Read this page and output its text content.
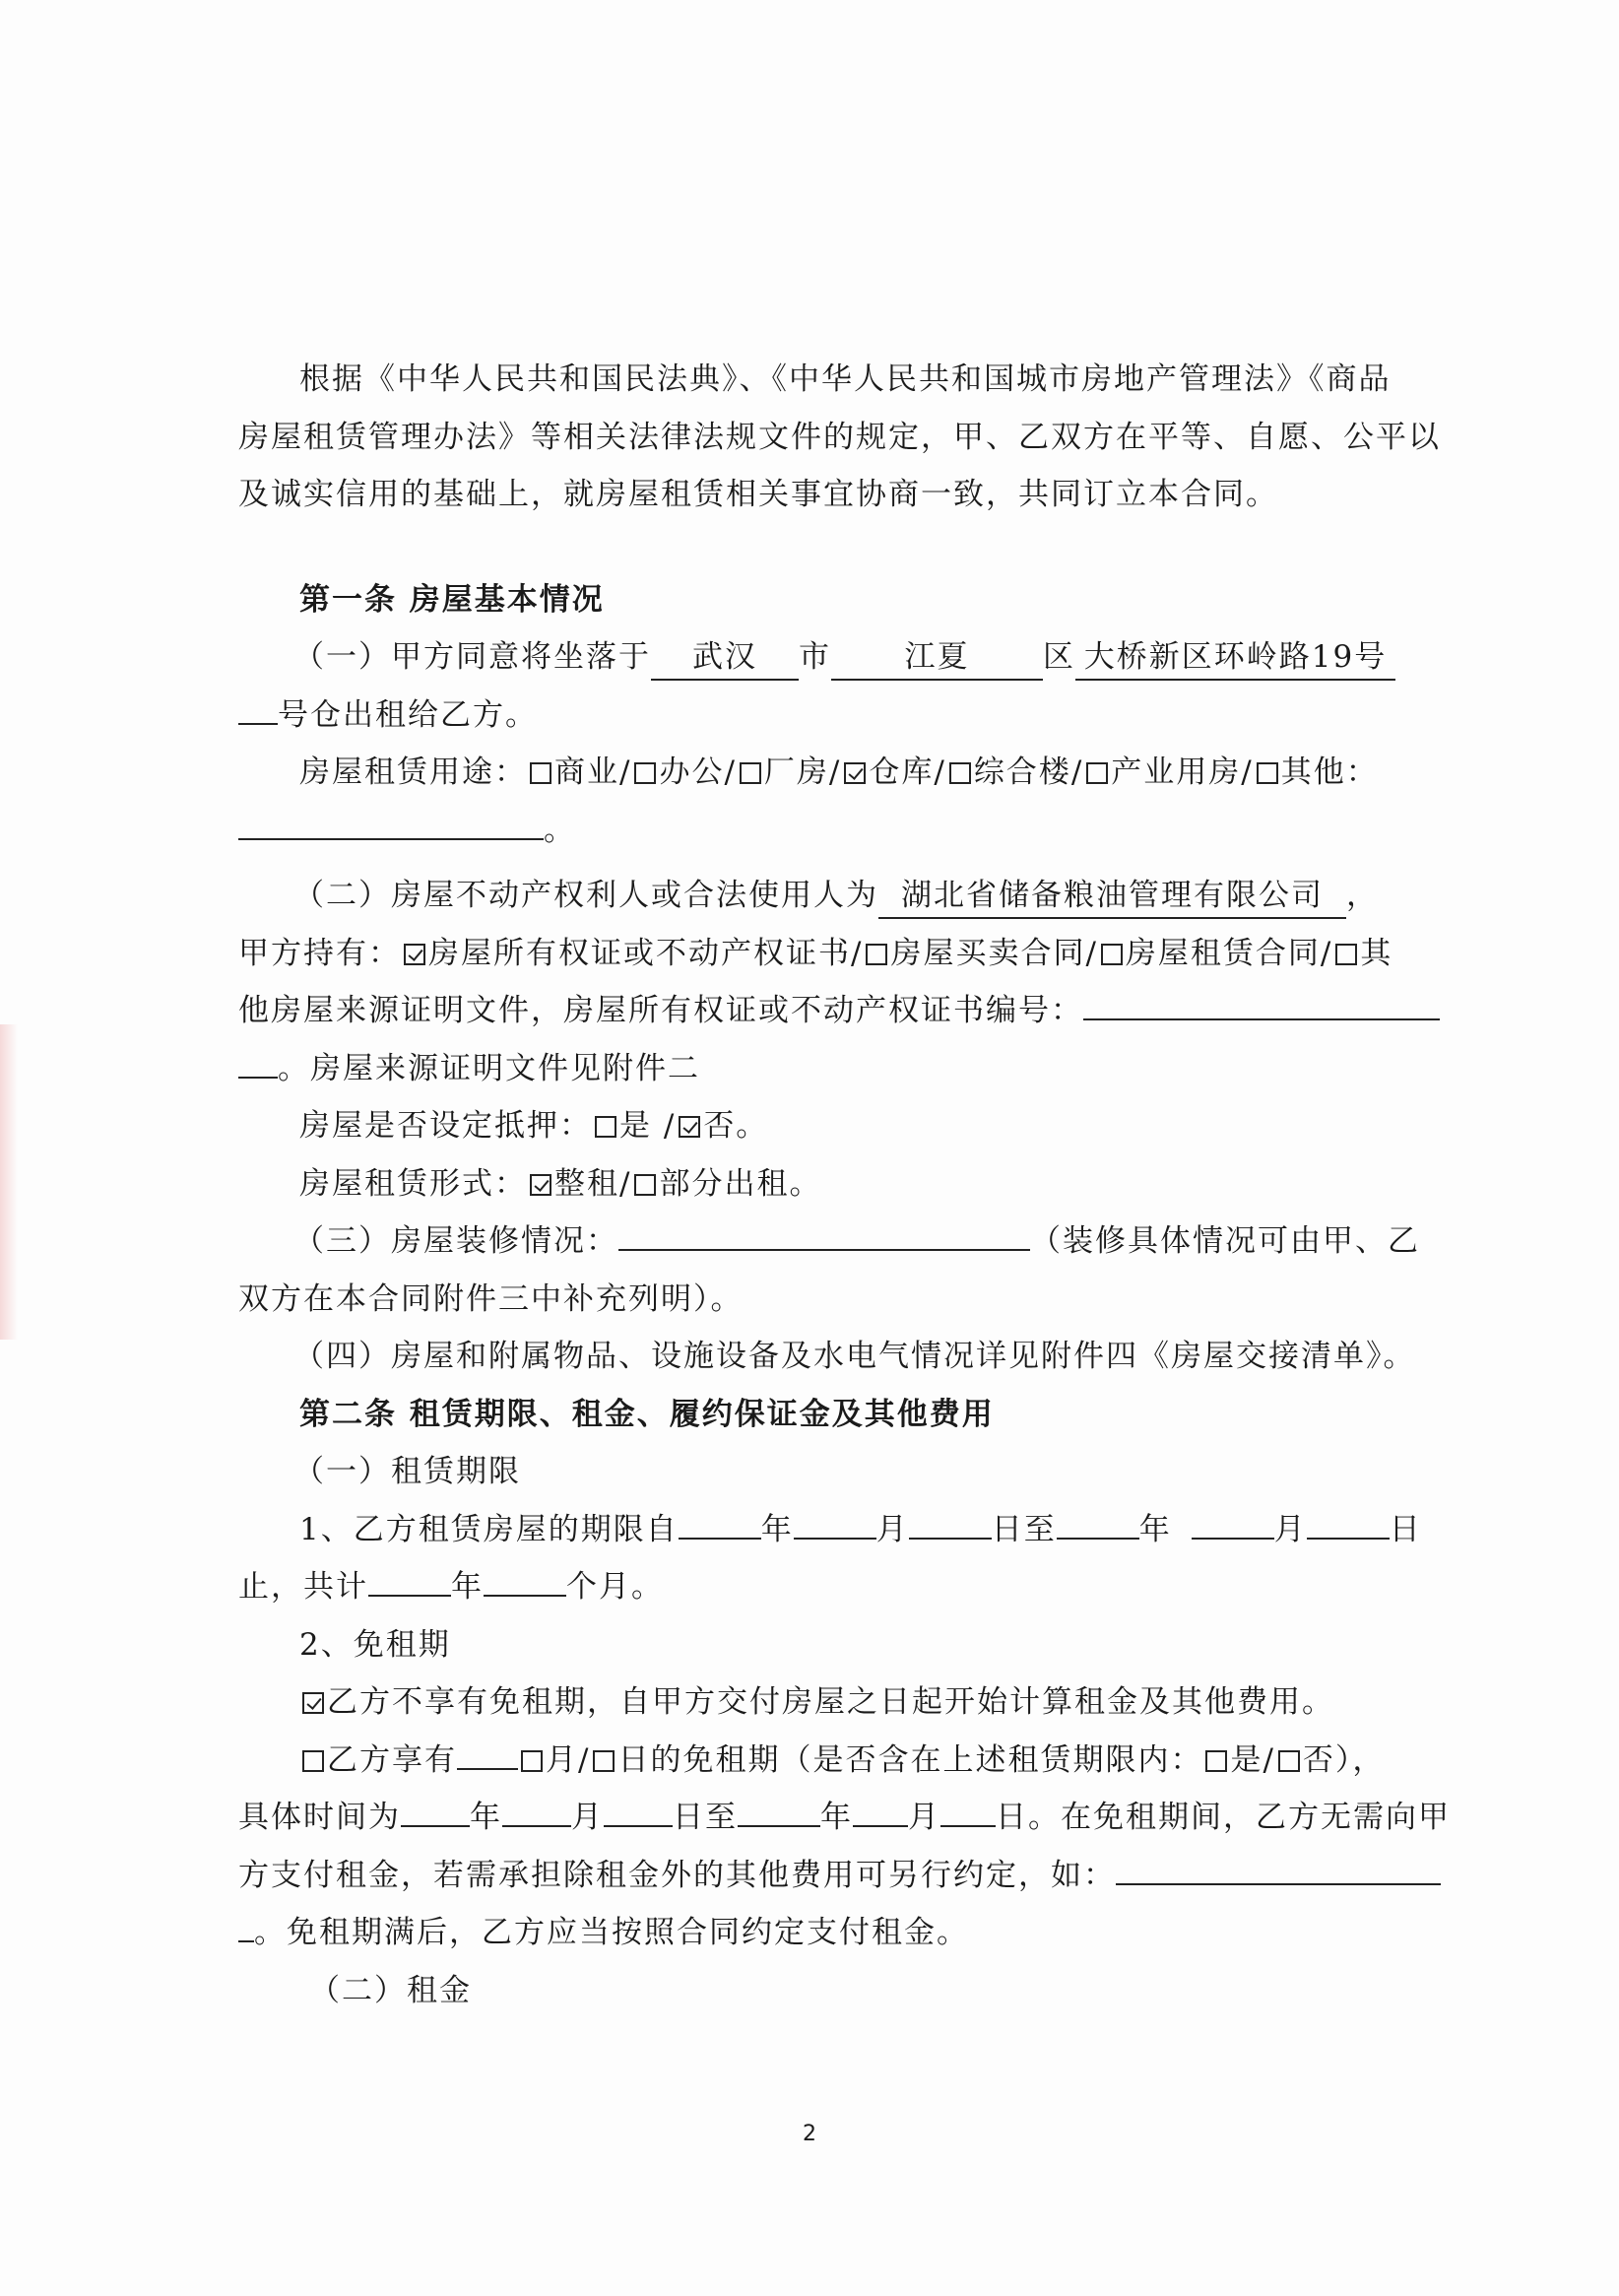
根据《中华人民共和国民法典》、《中华人民共和国城市房地产管理法》《商品
房屋租赁管理办法》等相关法律法规文件的规定，甲、乙双方在平等、自愿、公平以
及诚实信用的基础上，就房屋租赁相关事宜协商一致，共同订立本合同。
第一条 房屋基本情况
（一）甲方同意将坐落于 武汉 市 江夏 区 大桥新区环岭路19号
号仓出租给乙方。
房屋租赁用途： 商业/ 办公/ 厂房/ 仓库/ 综合楼/ 产业用房/ 其他：
。
（二）房屋不动产权利人或合法使用人为 湖北省储备粮油管理有限公司 ，
甲方持有： 房屋所有权证或不动产权证书/ 房屋买卖合同/ 房屋租赁合同/ 其
他房屋来源证明文件，房屋所有权证或不动产权证书编号：
。房屋来源证明文件见附件二
房屋是否设定抵押： 是 / 否。
房屋租赁形式： 整租/ 部分出租。
（三）房屋装修情况：	（装修具体情况可由甲、乙
双方在本合同附件三中补充列明）。
（四）房屋和附属物品、设施设备及水电气情况详见附件四《房屋交接清单》。
第二条 租赁期限、租金、履约保证金及其他费用
（一）租赁期限
1、乙方租赁房屋的期限自	年	月	日至	年	月	日
止，共计	年	个月。
2、免租期
乙方不享有免租期，自甲方交付房屋之日起开始计算租金及其他费用。
乙方享有	月/ 日的免租期（是否含在上述租赁期限内： 是/ 否），
具体时间为 年 月 日至	年 月 日。在免租期间，乙方无需向甲
方支付租金，若需承担除租金外的其他费用可另行约定，如：
。免租期满后，乙方应当按照合同约定支付租金。
（二）租金
2
